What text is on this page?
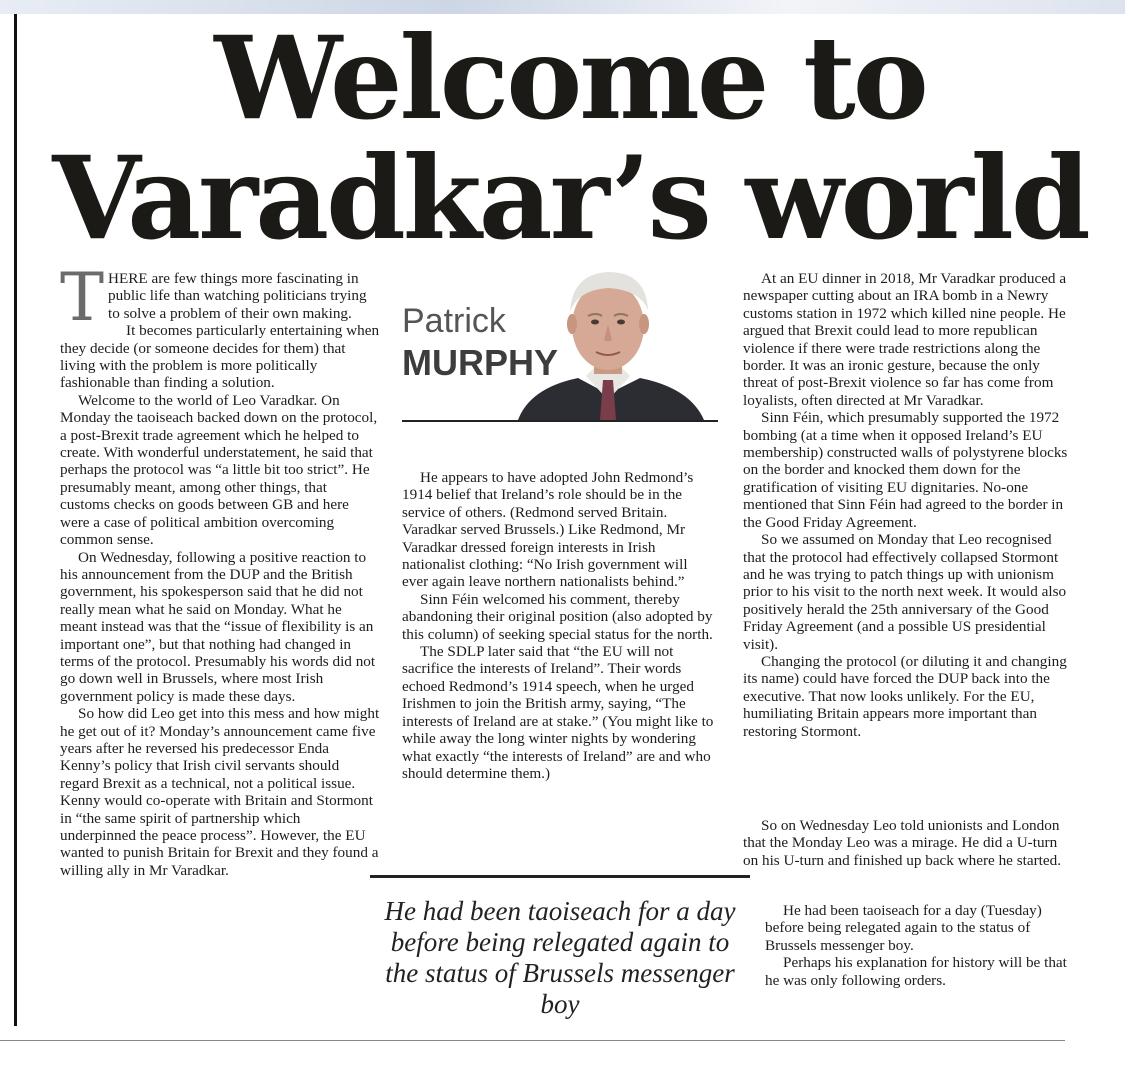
Welcome to
Varadkar’s world

THERE are few things more fascinating in public life than watching politicians trying to solve a problem of their own making.

It becomes particularly entertaining when they decide (or someone decides for them) that living with the problem is more politically fashionable than finding a solution.

Welcome to the world of Leo Varadkar. On Monday the taoiseach backed down on the protocol, a post-Brexit trade agreement which he helped to create. With wonderful understatement, he said that perhaps the protocol was “a little bit too strict”. He presumably meant, among other things, that customs checks on goods between GB and here were a case of political ambition overcoming common sense.

On Wednesday, following a positive reaction to his announcement from the DUP and the British government, his spokesperson said that he did not really mean what he said on Monday. What he meant instead was that the “issue of flexibility is an important one”, but that nothing had changed in terms of the protocol. Presumably his words did not go down well in Brussels, where most Irish government policy is made these days.

So how did Leo get into this mess and how might he get out of it? Monday’s announcement came five years after he reversed his predecessor Enda Kenny’s policy that Irish civil servants should regard Brexit as a technical, not a political issue. Kenny would co-operate with Britain and Stormont in “the same spirit of partnership which underpinned the peace process”. However, the EU wanted to punish Britain for Brexit and they found a willing ally in Mr Varadkar.

Patrick
MURPHY

He appears to have adopted John Redmond’s 1914 belief that Ireland’s role should be in the service of others. (Redmond served Britain. Varadkar served Brussels.) Like Redmond, Mr Varadkar dressed foreign interests in Irish nationalist clothing: “No Irish government will ever again leave northern nationalists behind.”

Sinn Féin welcomed his comment, thereby abandoning their original position (also adopted by this column) of seeking special status for the north.

The SDLP later said that “the EU will not sacrifice the interests of Ireland”. Their words echoed Redmond’s 1914 speech, when he urged Irishmen to join the British army, saying, “The interests of Ireland are at stake.” (You might like to while away the long winter nights by wondering what exactly “the interests of Ireland” are and who should determine them.)

At an EU dinner in 2018, Mr Varadkar produced a newspaper cutting about an IRA bomb in a Newry customs station in 1972 which killed nine people. He argued that Brexit could lead to more republican violence if there were trade restrictions along the border. It was an ironic gesture, because the only threat of post-Brexit violence so far has come from loyalists, often directed at Mr Varadkar.

Sinn Féin, which presumably supported the 1972 bombing (at a time when it opposed Ireland’s EU membership) constructed walls of polystyrene blocks on the border and knocked them down for the gratification of visiting EU dignitaries. No-one mentioned that Sinn Féin had agreed to the border in the Good Friday Agreement.

So we assumed on Monday that Leo recognised that the protocol had effectively collapsed Stormont and he was trying to patch things up with unionism prior to his visit to the north next week. It would also positively herald the 25th anniversary of the Good Friday Agreement (and a possible US presidential visit).

Changing the protocol (or diluting it and changing its name) could have forced the DUP back into the executive. That now looks unlikely. For the EU, humiliating Britain appears more important than restoring Stormont.

So on Wednesday Leo told unionists and London that the Monday Leo was a mirage. He did a U-turn on his U-turn and finished up back where he started.

He had been taoiseach for a day (Tuesday) before being relegated again to the status of Brussels messenger boy.

Perhaps his explanation for history will be that he was only following orders.

He had been taoiseach for a day before being relegated again to the status of Brussels messenger boy
